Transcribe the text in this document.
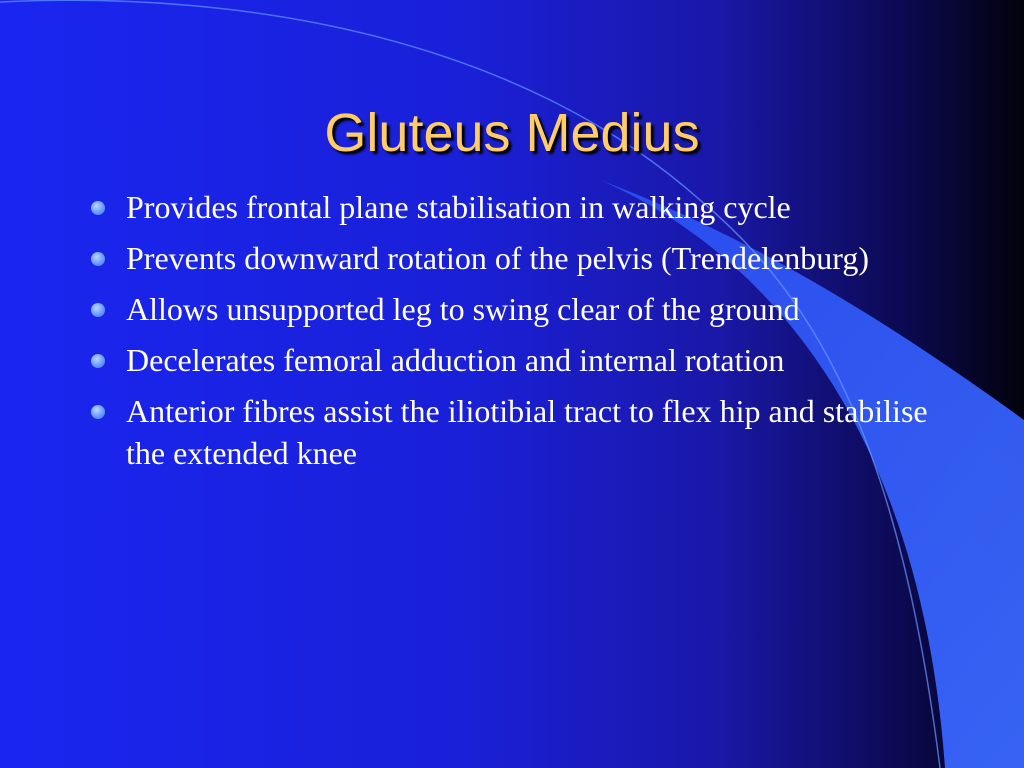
Gluteus Medius
Provides frontal plane stabilisation in walking cycle
Prevents downward rotation of the pelvis (Trendelenburg)
Allows unsupported leg to swing clear of the ground
Decelerates femoral adduction and internal rotation
Anterior fibres assist the iliotibial tract to flex hip and stabilise the extended knee
